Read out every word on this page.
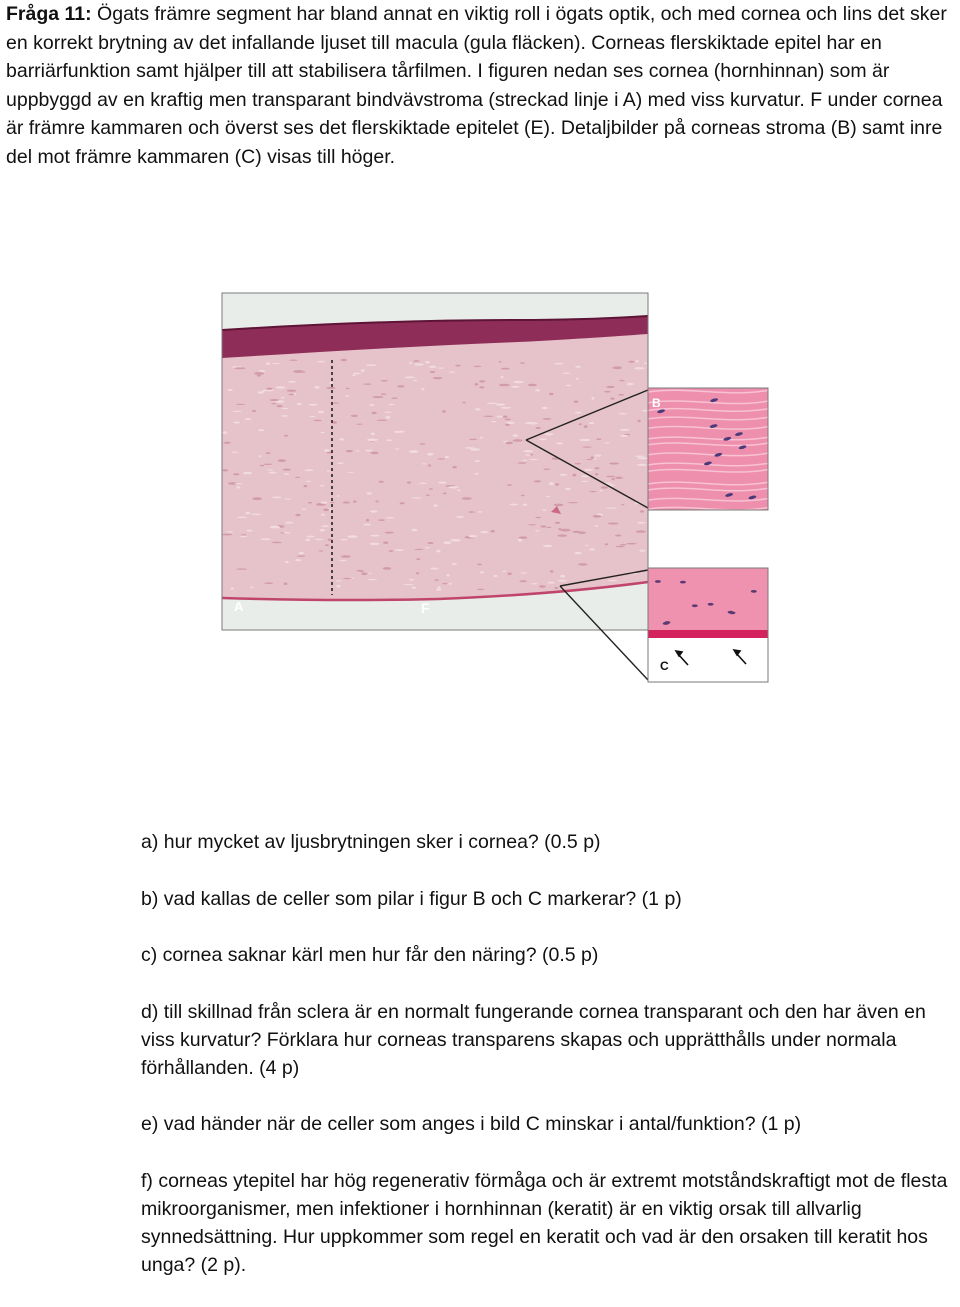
Fråga 11: Ögats främre segment har bland annat en viktig roll i ögats optik, och med cornea och lins det sker en korrekt brytning av det infallande ljuset till macula (gula fläcken). Corneas flerskiktade epitel har en barriärfunktion samt hjälper till att stabilisera tårfilmen. I figuren nedan ses cornea (hornhinnan) som är uppbyggd av en kraftig men transparant bindvävstroma (streckad linje i A) med viss kurvatur. F under cornea är främre kammaren och överst ses det flerskiktade epitelet (E). Detaljbilder på corneas stroma (B) samt inre del mot främre kammaren (C) visas till höger.

A	F
B
C

a) hur mycket av ljusbrytningen sker i cornea? (0.5 p)

b) vad kallas de celler som pilar i figur B och C markerar? (1 p)

c) cornea saknar kärl men hur får den näring? (0.5 p)

d) till skillnad från sclera är en normalt fungerande cornea transparant och den har även en viss kurvatur? Förklara hur corneas transparens skapas och upprätthålls under normala förhållanden. (4 p)

e) vad händer när de celler som anges i bild C minskar i antal/funktion? (1 p)

f) corneas ytepitel har hög regenerativ förmåga och är extremt motståndskraftigt mot de flesta mikroorganismer, men infektioner i hornhinnan (keratit) är en viktig orsak till allvarlig synnedsättning. Hur uppkommer som regel en keratit och vad är den orsaken till keratit hos unga? (2 p).
